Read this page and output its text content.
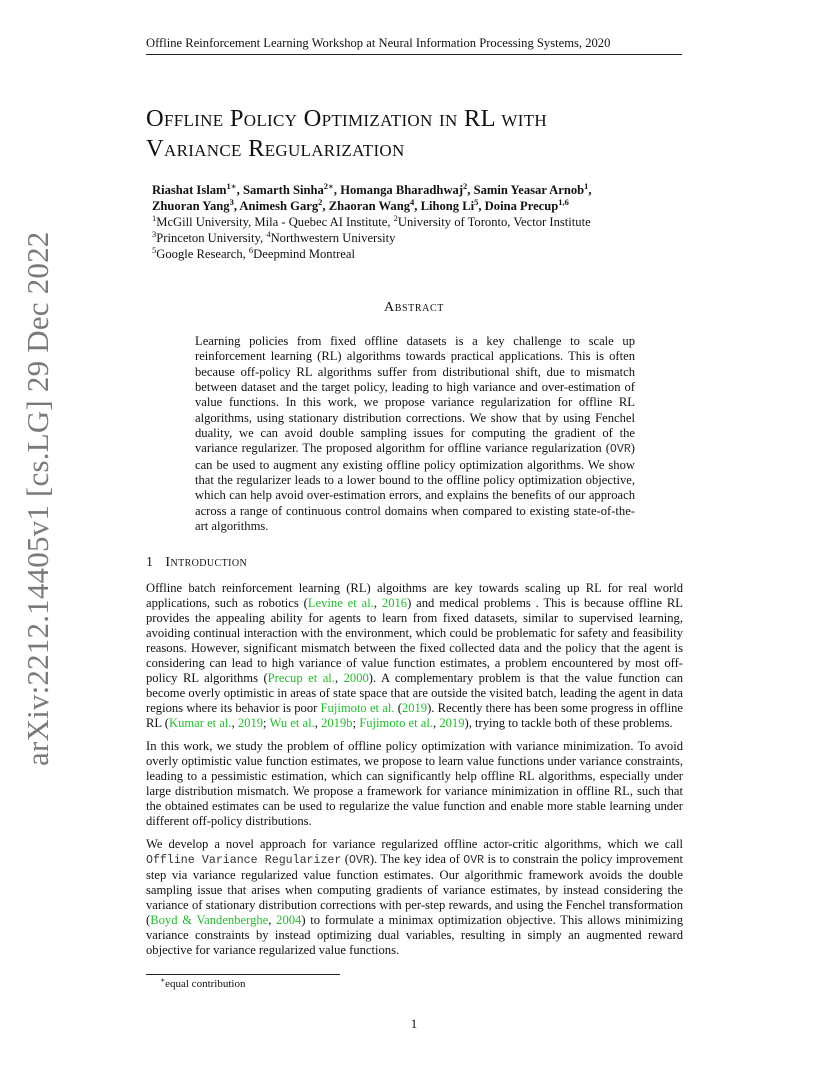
Offline Reinforcement Learning Workshop at Neural Information Processing Systems, 2020
arXiv:2212.14405v1 [cs.LG] 29 Dec 2022
Offline Policy Optimization in RL with
Variance Regularization
Riashat Islam$^{1∗}$, Samarth Sinha$^{2∗}$, Homanga Bharadhwaj$^2$, Samin Yeasar Arnob$^1$,
Zhuoran Yang$^3$, Animesh Garg$^2$, Zhaoran Wang$^4$, Lihong Li$^5$, Doina Precup$^{1,6}$
$^1$McGill University, Mila - Quebec AI Institute, $^2$University of Toronto, Vector Institute
$^3$Princeton University, $^4$Northwestern University
$^5$Google Research, $^6$Deepmind Montreal
Abstract
Learning policies from fixed offline datasets is a key challenge to scale up reinforcement learning (RL) algorithms towards practical applications. This is often because off-policy RL algorithms suffer from distributional shift, due to mismatch between dataset and the target policy, leading to high variance and over-estimation of value functions. In this work, we propose variance regularization for offline RL algorithms, using stationary distribution corrections. We show that by using Fenchel duality, we can avoid double sampling issues for computing the gradient of the variance regularizer. The proposed algorithm for offline variance regularization (OVR) can be used to augment any existing offline policy optimization algorithms. We show that the regularizer leads to a lower bound to the offline policy optimization objective, which can help avoid over-estimation errors, and explains the benefits of our approach across a range of continuous control domains when compared to existing state-of-the-art algorithms.
1 Introduction

Offline batch reinforcement learning (RL) algoithms are key towards scaling up RL for real world applications, such as robotics (Levine et al., 2016) and medical problems . This is because offline RL provides the appealing ability for agents to learn from fixed datasets, similar to supervised learning, avoiding continual interaction with the environment, which could be problematic for safety and feasibility reasons. However, significant mismatch between the fixed collected data and the policy that the agent is considering can lead to high variance of value function estimates, a problem encountered by most off-policy RL algorithms (Precup et al., 2000). A complementary problem is that the value function can become overly optimistic in areas of state space that are outside the visited batch, leading the agent in data regions where its behavior is poor Fujimoto et al. (2019). Recently there has been some progress in offline RL (Kumar et al., 2019; Wu et al., 2019b; Fujimoto et al., 2019), trying to tackle both of these problems.

In this work, we study the problem of offline policy optimization with variance minimization. To avoid overly optimistic value function estimates, we propose to learn value functions under variance constraints, leading to a pessimistic estimation, which can significantly help offline RL algorithms, especially under large distribution mismatch. We propose a framework for variance minimization in offline RL, such that the obtained estimates can be used to regularize the value function and enable more stable learning under different off-policy distributions.

We develop a novel approach for variance regularized offline actor-critic algorithms, which we call Offline Variance Regularizer (OVR). The key idea of OVR is to constrain the policy improvement step via variance regularized value function estimates. Our algorithmic framework avoids the double sampling issue that arises when computing gradients of variance estimates, by instead considering the variance of stationary distribution corrections with per-step rewards, and using the Fenchel transformation (Boyd & Vandenberghe, 2004) to formulate a minimax optimization objective. This allows minimizing variance constraints by instead optimizing dual variables, resulting in simply an augmented reward objective for variance regularized value functions.

∗equal contribution
1
